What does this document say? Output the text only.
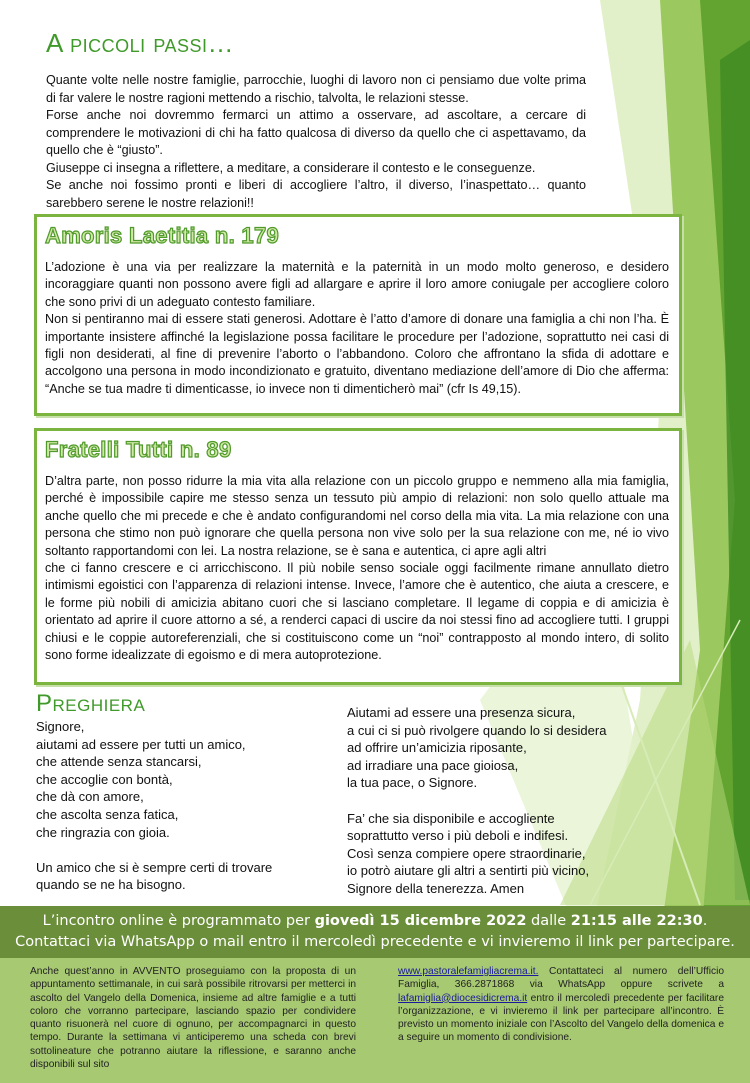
A piccoli passi…

Quante volte nelle nostre famiglie, parrocchie, luoghi di lavoro non ci pensiamo due volte prima di far valere le nostre ragioni mettendo a rischio, talvolta, le relazioni stesse.

Forse anche noi dovremmo fermarci un attimo a osservare, ad ascoltare, a cercare di comprendere le motivazioni di chi ha fatto qualcosa di diverso da quello che ci aspettavamo, da quello che è “giusto”.

Giuseppe ci insegna a riflettere, a meditare, a considerare il contesto e le conseguenze.

Se anche noi fossimo pronti e liberi di accogliere l’altro, il diverso, l’inaspettato… quanto sarebbero serene le nostre relazioni!!

Amoris Laetitia n. 179

L’adozione è una via per realizzare la maternità e la paternità in un modo molto generoso, e desidero incoraggiare quanti non possono avere figli ad allargare e aprire il loro amore coniugale per accogliere coloro che sono privi di un adeguato contesto familiare.

Non si pentiranno mai di essere stati generosi. Adottare è l’atto d’amore di donare una famiglia a chi non l’ha. È importante insistere affinché la legislazione possa facilitare le procedure per l’adozione, soprattutto nei casi di figli non desiderati, al fine di prevenire l’aborto o l’abbandono. Coloro che affrontano la sfida di adottare e accolgono una persona in modo incondizionato e gratuito, diventano mediazione dell’amore di Dio che afferma: “Anche se tua madre ti dimenticasse, io invece non ti dimenticherò mai” (cfr Is 49,15).

Fratelli Tutti n. 89

D’altra parte, non posso ridurre la mia vita alla relazione con un piccolo gruppo e nemmeno alla mia famiglia, perché è impossibile capire me stesso senza un tessuto più ampio di relazioni: non solo quello attuale ma anche quello che mi precede e che è andato configurandomi nel corso della mia vita. La mia relazione con una persona che stimo non può ignorare che quella persona non vive solo per la sua relazione con me, né io vivo soltanto rapportandomi con lei. La nostra relazione, se è sana e autentica, ci apre agli altri

che ci fanno crescere e ci arricchiscono. Il più nobile senso sociale oggi facilmente rimane annullato dietro intimismi egoistici con l’apparenza di relazioni intense. Invece, l’amore che è autentico, che aiuta a crescere, e le forme più nobili di amicizia abitano cuori che si lasciano completare. Il legame di coppia e di amicizia è orientato ad aprire il cuore attorno a sé, a renderci capaci di uscire da noi stessi fino ad accogliere tutti. I gruppi chiusi e le coppie autoreferenziali, che si costituiscono come un “noi” contrapposto al mondo intero, di solito sono forme idealizzate di egoismo e di mera autoprotezione.

Preghiera

Signore,

aiutami ad essere per tutti un amico,

che attende senza stancarsi,

che accoglie con bontà,

che dà con amore,

che ascolta senza fatica,

che ringrazia con gioia.

Un amico che si è sempre certi di trovare

quando se ne ha bisogno.

Aiutami ad essere una presenza sicura,

a cui ci si può rivolgere quando lo si desidera

ad offrire un’amicizia riposante,

ad irradiare una pace gioiosa,

la tua pace, o Signore.

Fa’ che sia disponibile e accogliente

soprattutto verso i più deboli e indifesi.

Così senza compiere opere straordinarie,

io potrò aiutare gli altri a sentirti più vicino,

Signore della tenerezza. Amen

L’incontro online è programmato per giovedì 15 dicembre 2022 dalle 21:15 alle 22:30.
Contattaci via WhatsApp o mail entro il mercoledì precedente e vi invieremo il link per partecipare.
Anche quest’anno in AVVENTO proseguiamo con la proposta di un appuntamento settimanale, in cui sarà possibile ritrovarsi per metterci in ascolto del Vangelo della Domenica, insieme ad altre famiglie e a tutti coloro che vorranno partecipare, lasciando spazio per condividere quanto risuonerà nel cuore di ognuno, per accompagnarci in questo tempo. Durante la settimana vi anticiperemo una scheda con brevi sottolineature che potranno aiutare la riflessione, e saranno anche disponibili sul sito
www.pastoralefamigliacrema.it. Contattateci al numero dell’Ufficio Famiglia, 366.2871868 via WhatsApp oppure scrivete a lafamiglia@diocesidicrema.it entro il mercoledì precedente per facilitare l’organizzazione, e vi invieremo il link per partecipare all’incontro. È previsto un momento iniziale con l’Ascolto del Vangelo della domenica e a seguire un momento di condivisione.
